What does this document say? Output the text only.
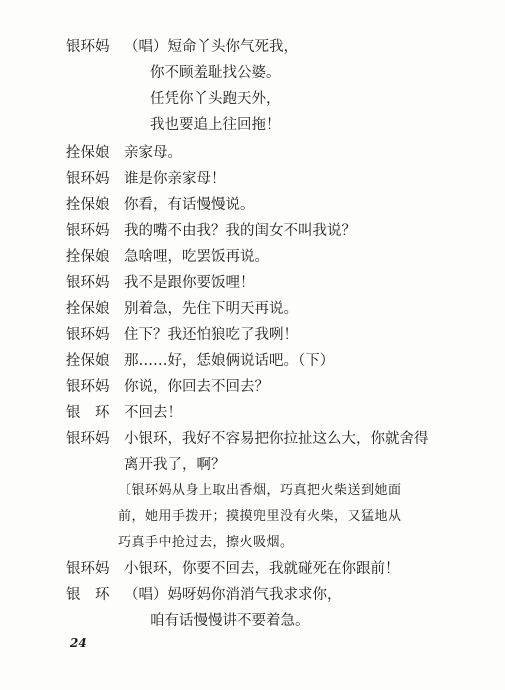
银环妈 （唱）短命丫头你气死我，
你不顾羞耻找公婆。
任凭你丫头跑天外，
我也要追上往回拖！
拴保娘 亲家母。
银环妈 谁是你亲家母！
拴保娘 你看，有话慢慢说。
银环妈 我的嘴不由我？我的闺女不叫我说？
拴保娘 急啥哩，吃罢饭再说。
银环妈 我不是跟你要饭哩！
拴保娘 别着急，先住下明天再说。
银环妈 住下？我还怕狼吃了我咧！
拴保娘 那……好，恁娘俩说话吧。（下）
银环妈 你说，你回去不回去？
银　环 不回去！
银环妈 小银环，我好不容易把你拉扯这么大，你就舍得
离开我了，啊？
〔银环妈从身上取出香烟，巧真把火柴送到她面
前，她用手拨开；摸摸兜里没有火柴，又猛地从
巧真手中抢过去，擦火吸烟。
银环妈 小银环，你要不回去，我就碰死在你跟前！
银　环 （唱）妈呀妈你消消气我求求你，
咱有话慢慢讲不要着急。
24
